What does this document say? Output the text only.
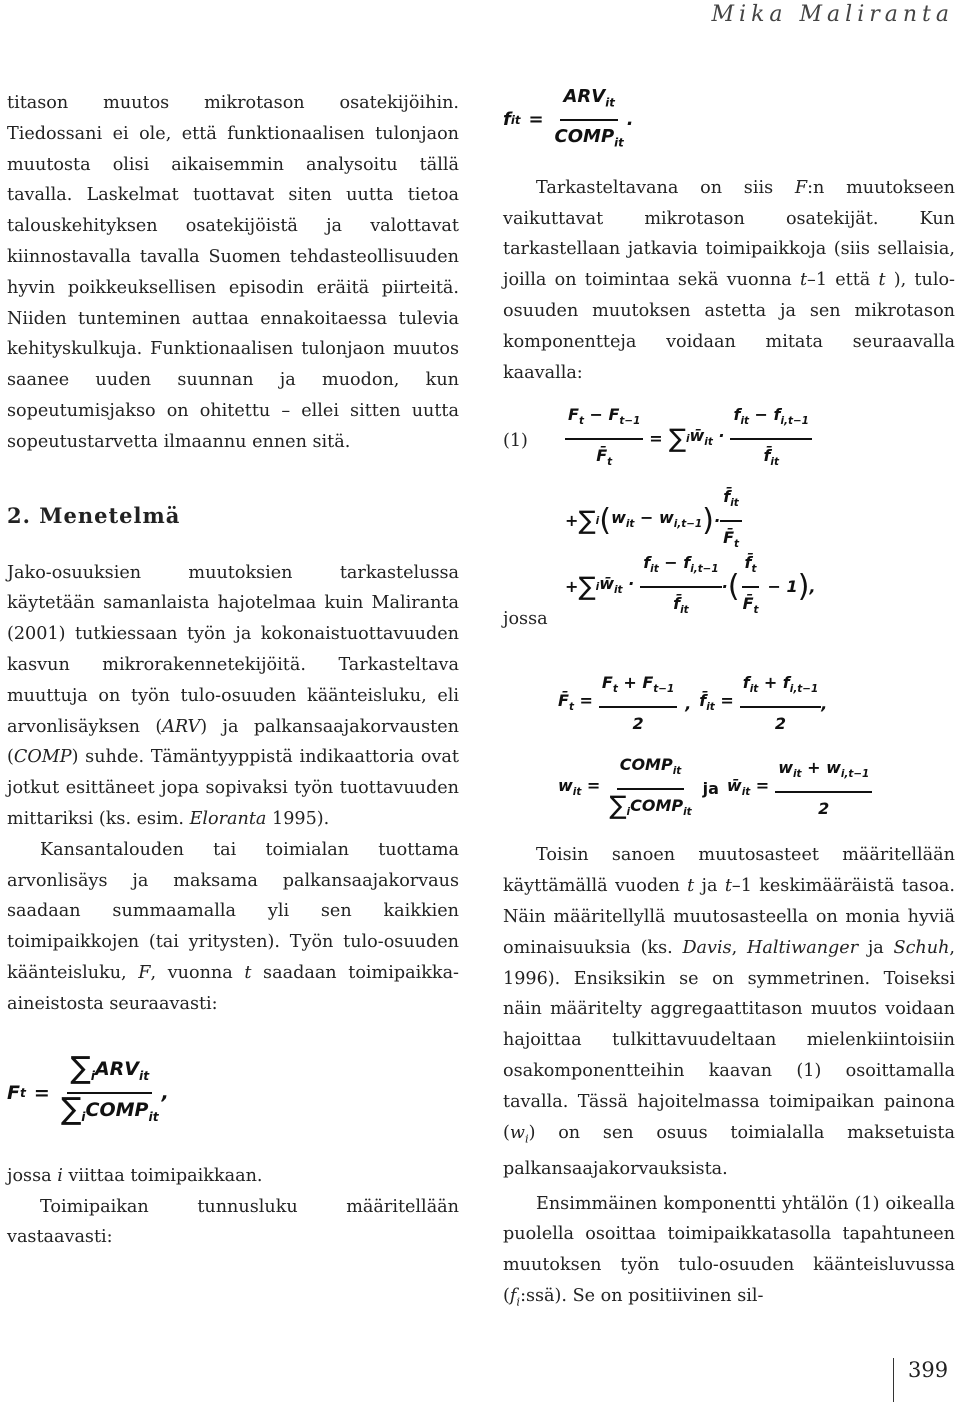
Mika Maliranta

titason muutos mikrotason osatekijöihin. Tiedossani ei ole, että funktionaalisen tulonjaon muutosta olisi aikaisemmin analysoitu tällä tavalla. Laskelmat tuottavat siten uutta tietoa talouskehityksen osatekijöistä ja valottavat kiinnostavalla tavalla Suomen tehdasteollisuuden hyvin poikkeuksellisen episodin eräitä piirteitä. Niiden tunteminen auttaa ennakoitaessa tulevia kehityskulkuja. Funktionaalisen tulonjaon muutos saanee uuden suunnan ja muodon, kun sopeutumisjakso on ohitettu – ellei sitten uutta sopeutustarvetta ilmaannu ennen sitä.

2. Menetelmä

Jako-osuuksien muutoksien tarkastelussa käytetään samanlaista hajotelmaa kuin Maliranta (2001) tutkiessaan työn ja kokonaistuottavuuden kasvun mikrorakennetekijöitä. Tarkasteltava muuttuja on työn tulo-osuuden käänteisluku, eli arvonlisäyksen (ARV) ja palkansaajakorvausten (COMP) suhde. Tämäntyyppistä indikaattoria ovat jotkut esittäneet jopa sopivaksi työn tuottavuuden mittariksi (ks. esim. Eloranta 1995).

Kansantalouden tai toimialan tuottama arvonlisäys ja maksama palkansaajakorvaus saadaan summaamalla yli sen kaikkien toimipaikkojen (tai yritysten). Työn tulo-osuuden käänteisluku, F, vuonna t saadaan toimipaikka-aineistosta seuraavasti:

F $t = \frac{\sum_iARV_{it}}{\sum_iCOMP_{it}}$ ,

jossa i viittaa toimipaikkaan.

Toimipaikan tunnusluku määritellään vastaavasti:

f it = $\frac{ARV_{it}}{COMP_{it}}$ .

Tarkasteltavana on siis F:n muutokseen vaikuttavat mikrotason osatekijät. Kun tarkastellaan jatkavia toimipaikkoja (siis sellaisia, joilla on toimintaa sekä vuonna t–1 että t ), tulo-osuuden muutoksen astetta ja sen mikrotason komponentteja voidaan mitata seuraavalla kaavalla:

$(1) \frac{F_t - F_{t-1}}{F̄_t}$ = ∑ i $w̄_{it} \cdot \frac{f_{it} - f_{i,t-1}}{f̄_{it}}$
+ ∑ i ( $w_{it} - w_{i,t-1}$ ) · $\frac{f̄_{it}}{F̄_t}$
+ ∑ i $w̄_{it} \cdot \frac{f_{it} - f_{i,t-1}}{f̄_{it}}$ · ( $\frac{f̄_t}{F̄_t} - 1$ ) ,
jossa
$F̄_t = \frac{F_t + F_{t-1}}{2}$ , $f̄_{it} = \frac{f_{it} + f_{i,t-1}}{2}$ ,
$w_{it} = \frac{COMP_{it}}{\sum_iCOMP_{it}}$ ja $w̄_{it} = \frac{w_{it} + w_{i,t-1}}{2}$

Toisin sanoen muutosasteet määritellään käyttämällä vuoden t ja t–1 keskimääräistä tasoa. Näin määritellyllä muutosasteella on monia hyviä ominaisuuksia (ks. Davis, Haltiwanger ja Schuh, 1996). Ensiksikin se on symmetrinen. Toiseksi näin määritelty aggregaattitason muutos voidaan hajoittaa tulkittavuudeltaan mielenkiintoisiin osakomponentteihin kaavan (1) osoittamalla tavalla. Tässä hajoitelmassa toimipaikan painona $(w_i)$ on sen osuus toimialalla maksetuista palkansaajakorvauksista.

Ensimmäinen komponentti yhtälön (1) oikealla puolella osoittaa toimipaikkatasolla tapahtuneen muutoksen työn tulo-osuuden käänteisluvussa $(f_i:ssä)$. Se on positiivinen sil-

399
